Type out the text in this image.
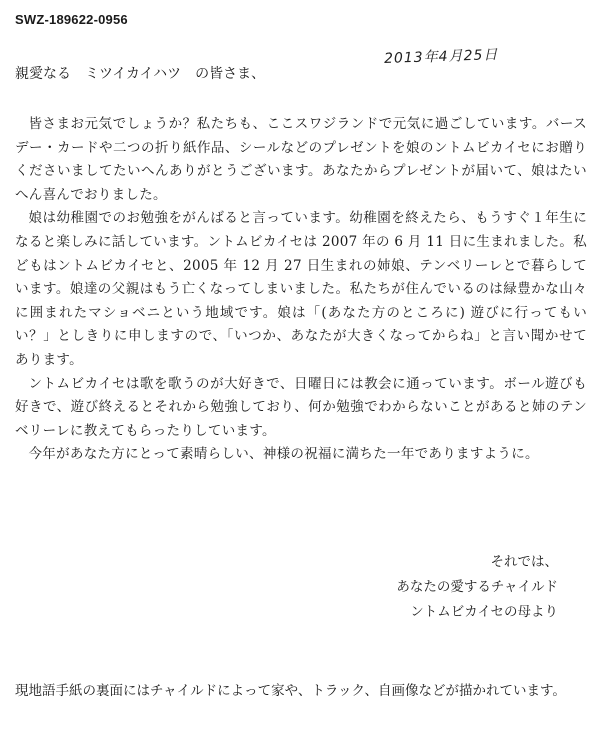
SWZ-189622-0956
2013年4月25日
親愛なる　ミツイカイハツ　の皆さま、

皆さまお元気でしょうか？私たちも、ここスワジランドで元気に過ごしています。バースデー・カードや二つの折り紙作品、シールなどのプレゼントを娘のントムビカイセにお贈りくださいましてたいへんありがとうございます。あなたからプレゼントが届いて、娘はたいへん喜んでおりました。

娘は幼稚園でのお勉強をがんばると言っています。幼稚園を終えたら、もうすぐ１年生になると楽しみに話しています。ントムビカイセは 2007 年の 6 月 11 日に生まれました。私どもはントムビカイセと、2005 年 12 月 27 日生まれの姉娘、テンベリーレとで暮らしています。娘達の父親はもう亡くなってしまいました。私たちが住んでいるのは緑豊かな山々に囲まれたマショベニという地域です。娘は「(あなた方のところに) 遊びに行ってもいい？」としきりに申しますので、「いつか、あなたが大きくなってからね」と言い聞かせてあります。

ントムビカイセは歌を歌うのが大好きで、日曜日には教会に通っています。ボール遊びも好きで、遊び終えるとそれから勉強しており、何か勉強でわからないことがあると姉のテンベリーレに教えてもらったりしています。

今年があなた方にとって素晴らしい、神様の祝福に満ちた一年でありますように。

それでは、
あなたの愛するチャイルド
ントムビカイセの母より
現地語手紙の裏面にはチャイルドによって家や、トラック、自画像などが描かれています。
